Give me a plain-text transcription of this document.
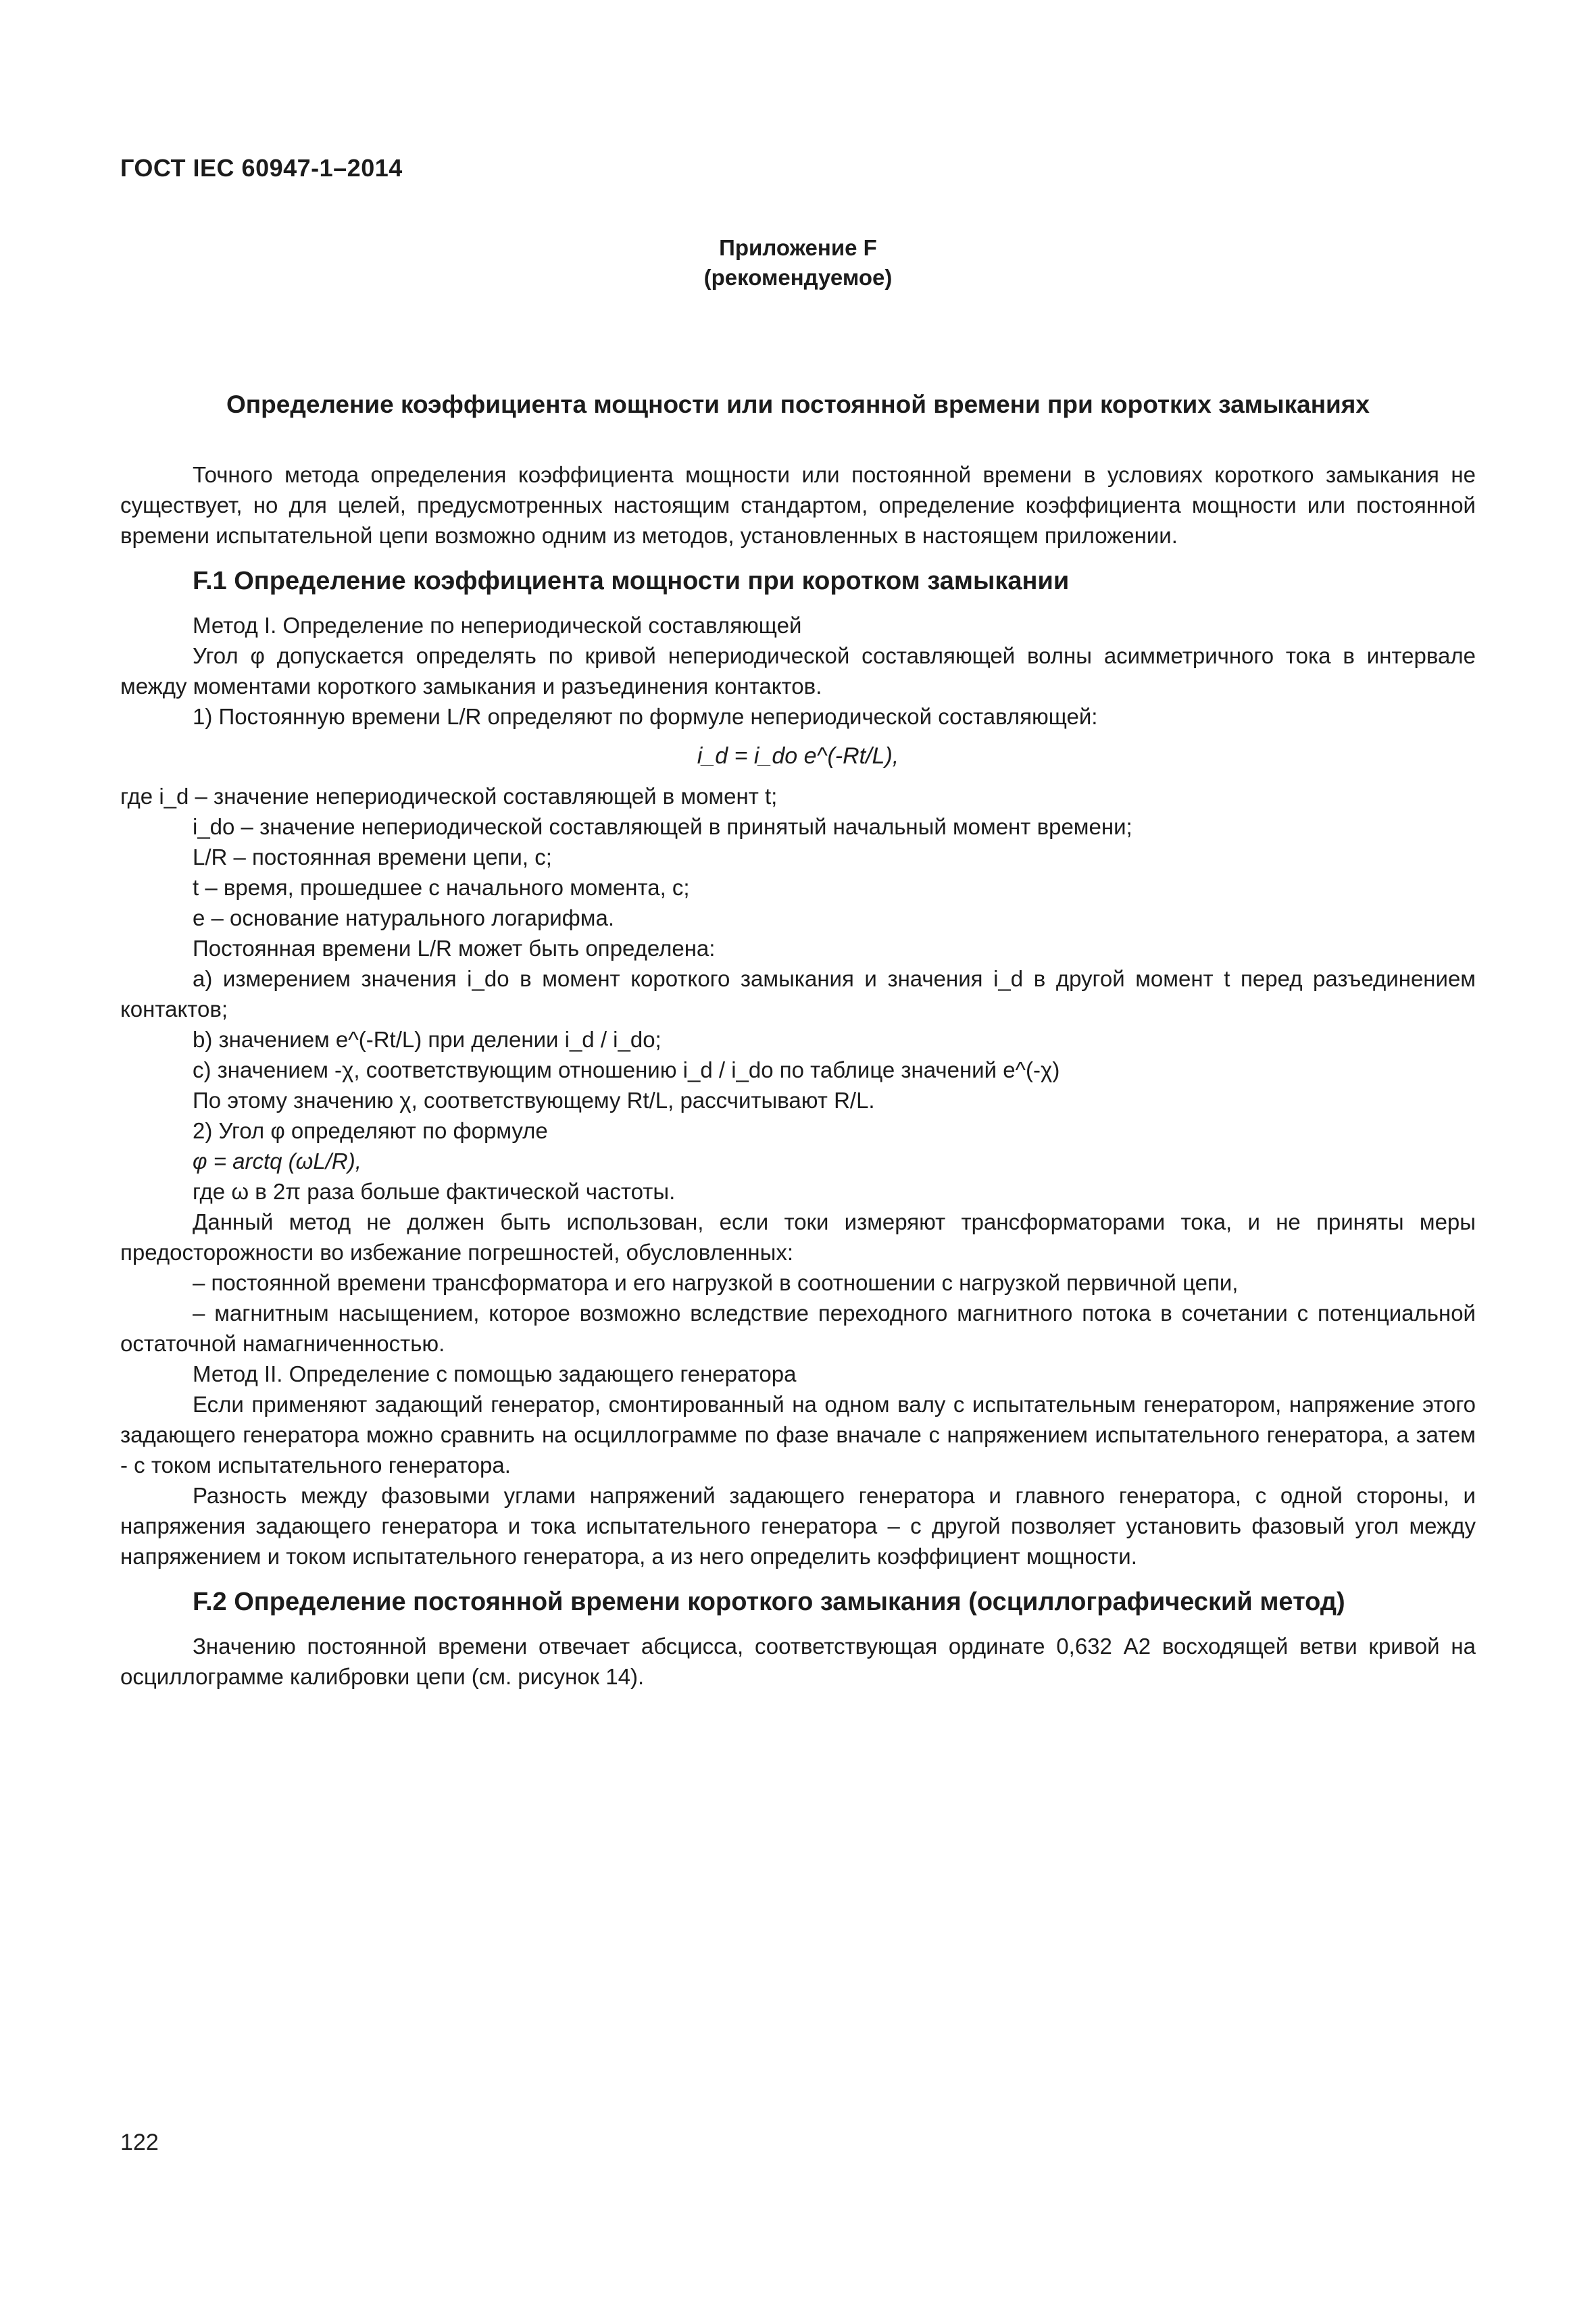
ГОСТ IEC 60947-1–2014
Приложение F
(рекомендуемое)
Определение коэффициента мощности или постоянной времени при коротких замыканиях

Точного метода определения коэффициента мощности или постоянной времени в условиях короткого замыкания не существует, но для целей, предусмотренных настоящим стандартом, определение коэффициента мощности или постоянной времени испытательной цепи возможно одним из методов, установленных в настоящем приложении.

F.1 Определение коэффициента мощности при коротком замыкании

Метод I. Определение по непериодической составляющей

Угол φ допускается определять по кривой непериодической составляющей волны асимметричного тока в интервале между моментами короткого замыкания и разъединения контактов.

1) Постоянную времени L/R определяют по формуле непериодической составляющей:

i_d = i_do e^(-Rt/L),

где i_d – значение непериодической составляющей в момент t;

i_do – значение непериодической составляющей в принятый начальный момент времени;

L/R – постоянная времени цепи, с;

t – время, прошедшее с начального момента, с;

e – основание натурального логарифма.

Постоянная времени L/R может быть определена:

a) измерением значения i_do в момент короткого замыкания и значения i_d в другой момент t перед разъединением контактов;

b) значением e^(-Rt/L) при делении i_d / i_do;

c) значением -χ, соответствующим отношению i_d / i_do по таблице значений e^(-χ)

По этому значению χ, соответствующему Rt/L, рассчитывают R/L.

2) Угол φ определяют по формуле

φ = arctq (ωL/R),

где ω в 2π раза больше фактической частоты.

Данный метод не должен быть использован, если токи измеряют трансформаторами тока, и не приняты меры предосторожности во избежание погрешностей, обусловленных:

– постоянной времени трансформатора и его нагрузкой в соотношении с нагрузкой первичной цепи,

– магнитным насыщением, которое возможно вследствие переходного магнитного потока в сочетании с потенциальной остаточной намагниченностью.

Метод II. Определение с помощью задающего генератора

Если применяют задающий генератор, смонтированный на одном валу с испытательным генератором, напряжение этого задающего генератора можно сравнить на осциллограмме по фазе вначале с напряжением испытательного генератора, а затем - с током испытательного генератора.

Разность между фазовыми углами напряжений задающего генератора и главного генератора, с одной стороны, и напряжения задающего генератора и тока испытательного генератора – с другой позволяет установить фазовый угол между напряжением и током испытательного генератора, а из него определить коэффициент мощности.

F.2 Определение постоянной времени короткого замыкания (осциллографический метод)

Значению постоянной времени отвечает абсцисса, соответствующая ординате 0,632 A2 восходящей ветви кривой на осциллограмме калибровки цепи (см. рисунок 14).

122
